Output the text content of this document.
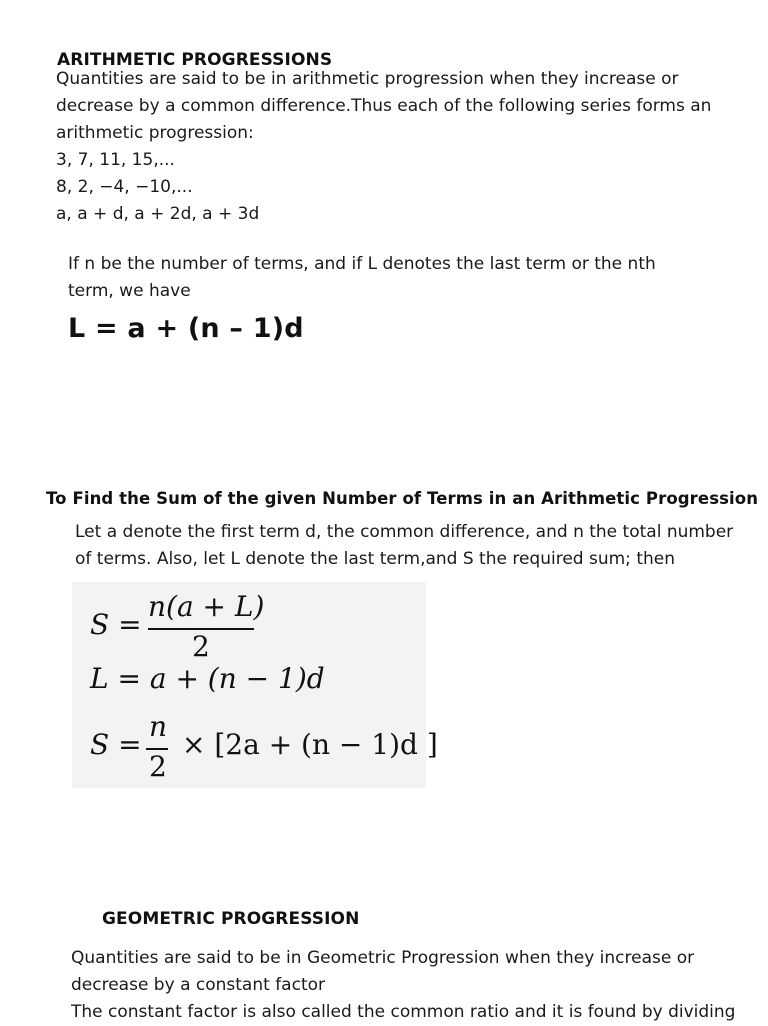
ARITHMETIC PROGRESSIONS
Quantities are said to be in arithmetic progression when they increase or
decrease by a common difference.Thus each of the following series forms an
arithmetic progression:
3, 7, 11, 15,...
8, 2, −4, −10,...
a, a + d, a + 2d, a + 3d
If n be the number of terms, and if L denotes the last term or the nth
term, we have
L = a + (n – 1)d
To Find the Sum of the given Number of Terms in an Arithmetic Progression
Let a denote the first term d, the common difference, and n the total number
of terms. Also, let L denote the last term,and S the required sum; then
S =
n(a + L)
2
L = a + (n − 1)d
S =
n
2
× [2a + (n − 1)d ]
GEOMETRIC PROGRESSION
Quantities are said to be in Geometric Progression when they increase or
decrease by a constant factor
The constant factor is also called the common ratio and it is found by dividing
